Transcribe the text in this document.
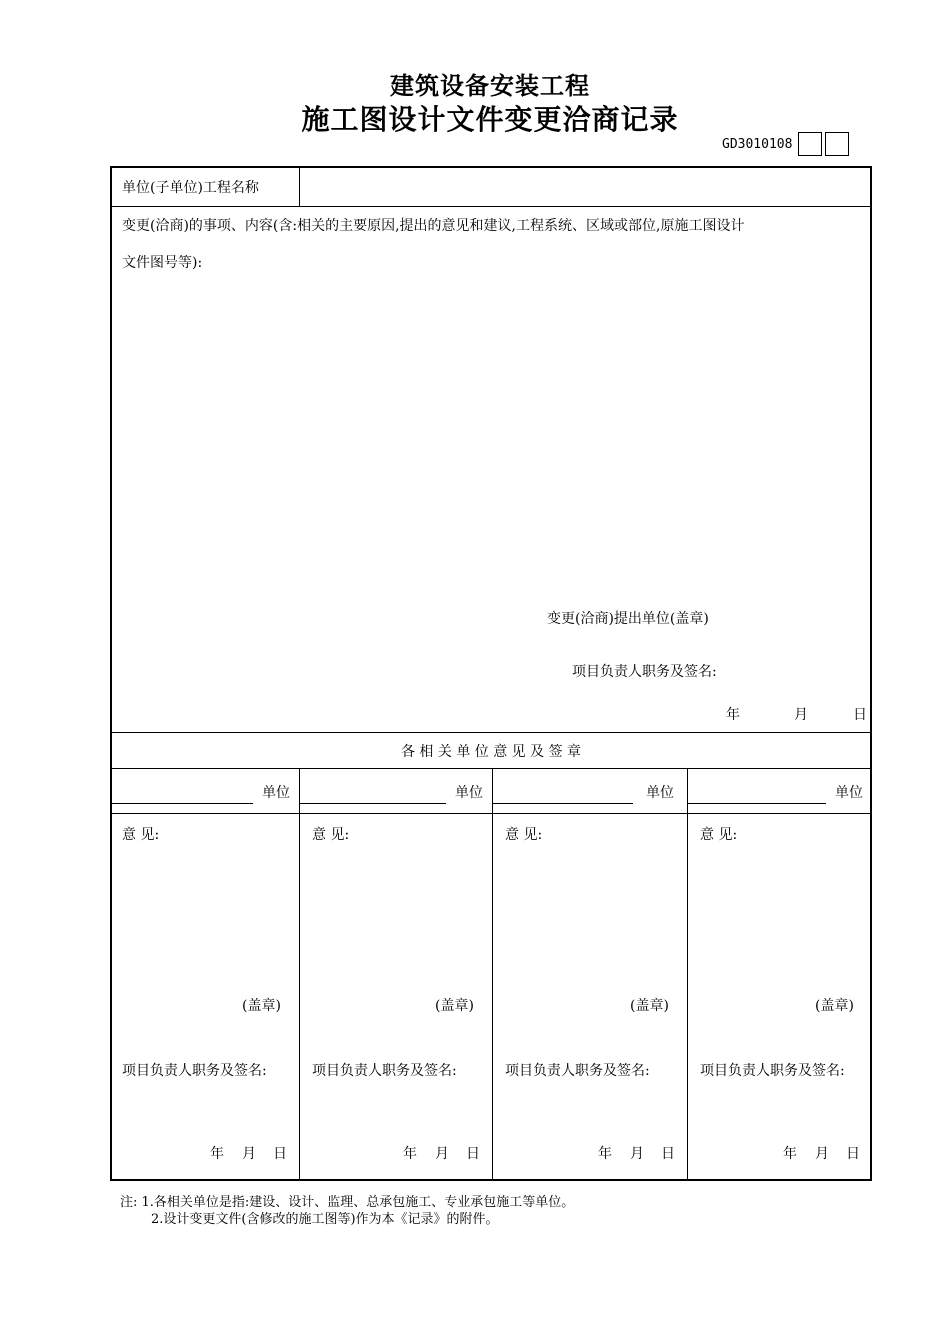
建筑设备安装工程
施工图设计文件变更洽商记录
GD3010108
单位(子单位)工程名称
变更(洽商)的事项、内容(含:相关的主要原因,提出的意见和建议,工程系统、区域或部位,原施工图设计
文件图号等):
变更(洽商)提出单位(盖章)
项目负责人职务及签名:
年	月	日
各 相 关 单 位 意 见 及 签 章
单位
意 见:
(盖章)
项目负责人职务及签名:
年 月 日
单位
意 见:
(盖章)
项目负责人职务及签名:
年 月 日
单位
意 见:
(盖章)
项目负责人职务及签名:
年 月 日
单位
意 见:
(盖章)
项目负责人职务及签名:
年 月 日
注: 1.各相关单位是指:建设、设计、监理、总承包施工、专业承包施工等单位。
2.设计变更文件(含修改的施工图等)作为本《记录》的附件。
